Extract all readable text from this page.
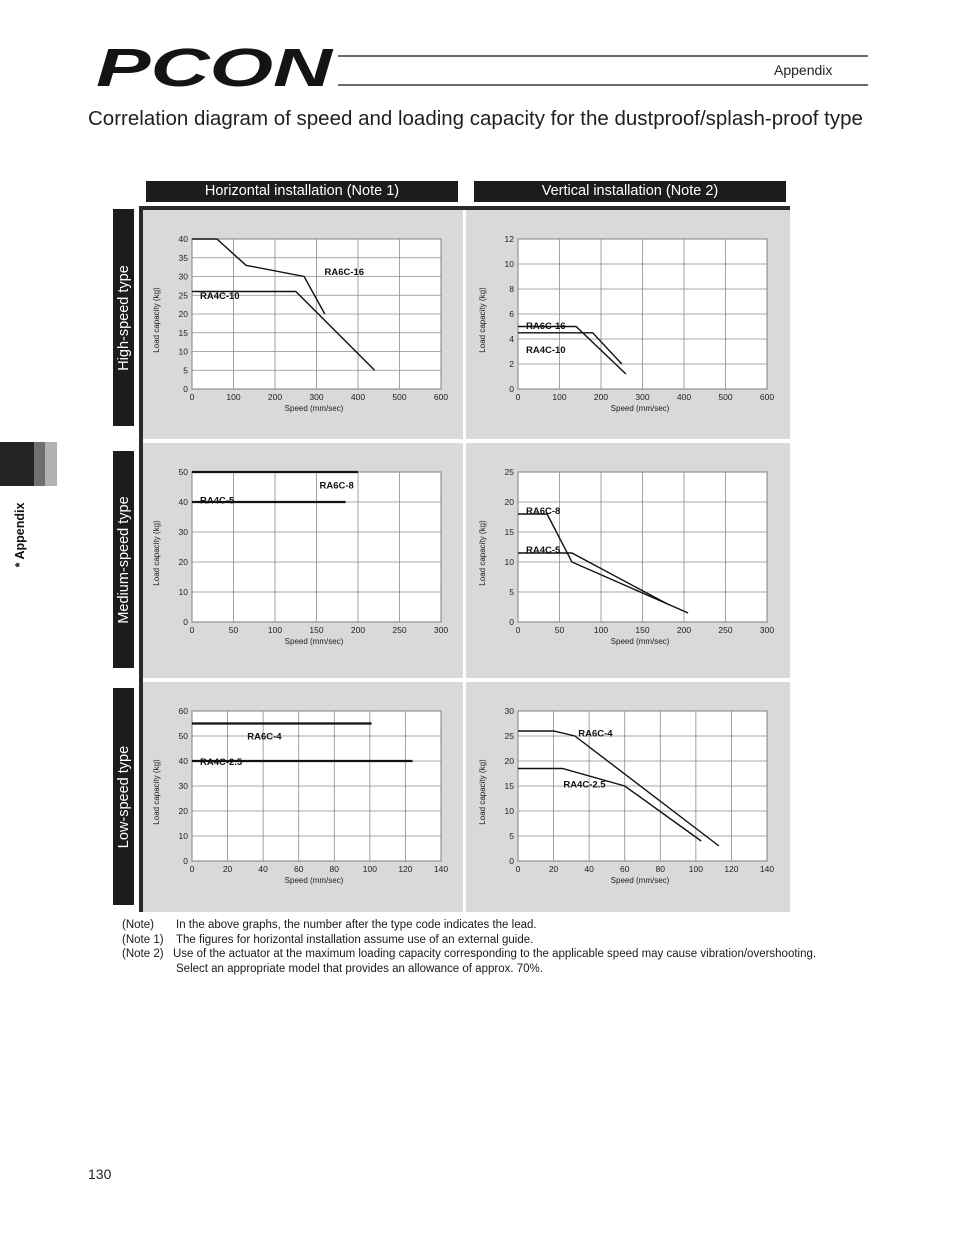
PCON	Appendix
Correlation diagram of speed and loading capacity for the dustproof/splash-proof type
Horizontal installation (Note 1)	Vertical installation (Note 2)
High-speed type
Medium-speed type
Low-speed type
* Appendix
0	100	200	300	400	500	600
0
5
10
15
20
25
30
35
40
Speed (mm/sec)
Load capacity (kg)
RA6C-16
RA4C-10
0	100	200	300	400	500	600
0
2
4
6
8
10
12
Speed (mm/sec)
Load capacity (kg)	RA6C-16
RA4C-10
0	50	100	150	200	250	300
0
10
20
30
40
50
Speed (mm/sec)
Load capacity (kg)
RA6C-8
RA4C-5
0	50	100	150	200	250	300
0
5
10
15
20
25
Speed (mm/sec)
Load capacity (kg)
RA6C-8
RA4C-5
0	20	40	60	80	100	120	140
0
10
20
30
40
50
60
Speed (mm/sec)
Load capacity (kg)
RA6C-4
RA4C-2.5
0	20	40	60	80	100	120	140
0
5
10
15
20
25
30
Speed (mm/sec)
Load capacity (kg)
RA6C-4
RA4C-2.5
(Note) In the above graphs, the number after the type code indicates the lead.
(Note 1) The figures for horizontal installation assume use of an external guide.
(Note 2) Use of the actuator at the maximum loading capacity corresponding to the applicable speed may cause vibration/overshooting.
Select an appropriate model that provides an allowance of approx. 70%.
130
